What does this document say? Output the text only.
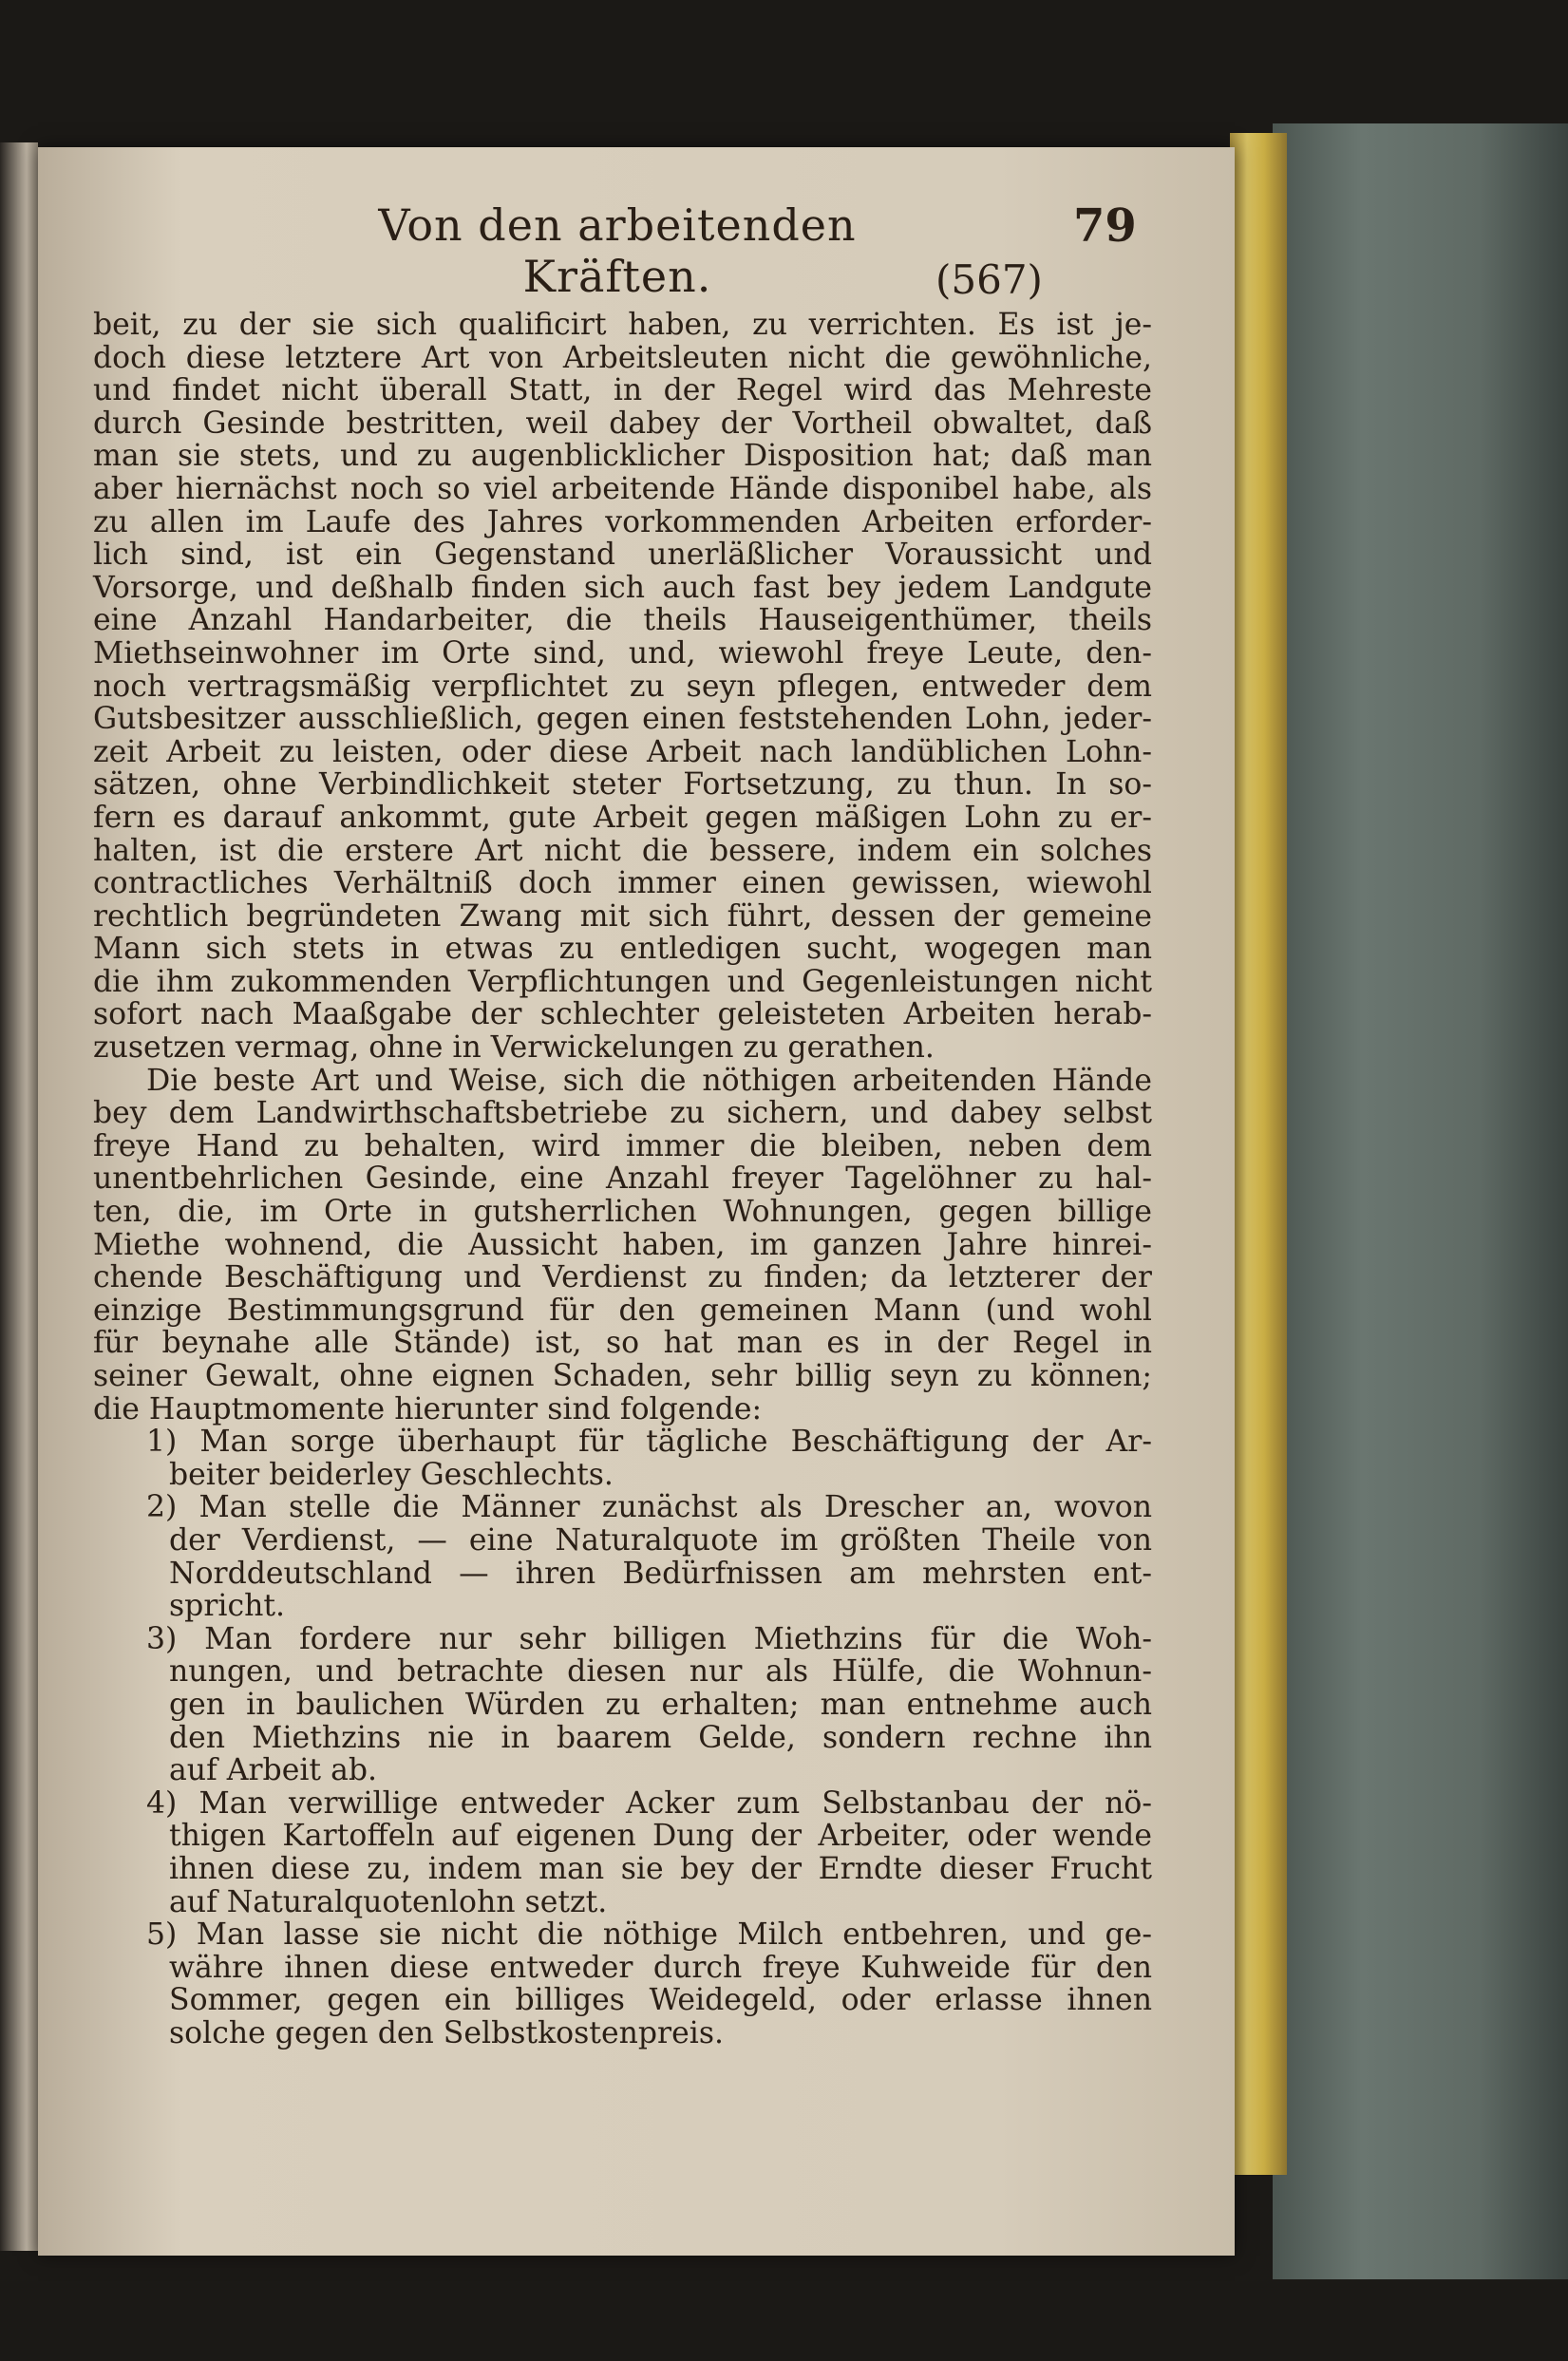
Von den arbeitenden Kräften.
79
(567)
beit, zu der sie sich qualificirt haben, zu verrichten. Es ist je-
doch diese letztere Art von Arbeitsleuten nicht die gewöhnliche,
und findet nicht überall Statt, in der Regel wird das Mehreste
durch Gesinde bestritten, weil dabey der Vortheil obwaltet, daß
man sie stets, und zu augenblicklicher Disposition hat; daß man
aber hiernächst noch so viel arbeitende Hände disponibel habe, als
zu allen im Laufe des Jahres vorkommenden Arbeiten erforder-
lich sind, ist ein Gegenstand unerläßlicher Voraussicht und
Vorsorge, und deßhalb finden sich auch fast bey jedem Landgute
eine Anzahl Handarbeiter, die theils Hauseigenthümer, theils
Miethseinwohner im Orte sind, und, wiewohl freye Leute, den-
noch vertragsmäßig verpflichtet zu seyn pflegen, entweder dem
Gutsbesitzer ausschließlich, gegen einen feststehenden Lohn, jeder-
zeit Arbeit zu leisten, oder diese Arbeit nach landüblichen Lohn-
sätzen, ohne Verbindlichkeit steter Fortsetzung, zu thun. In so-
fern es darauf ankommt, gute Arbeit gegen mäßigen Lohn zu er-
halten, ist die erstere Art nicht die bessere, indem ein solches
contractliches Verhältniß doch immer einen gewissen, wiewohl
rechtlich begründeten Zwang mit sich führt, dessen der gemeine
Mann sich stets in etwas zu entledigen sucht, wogegen man
die ihm zukommenden Verpflichtungen und Gegenleistungen nicht
sofort nach Maaßgabe der schlechter geleisteten Arbeiten herab-
zusetzen vermag, ohne in Verwickelungen zu gerathen.
Die beste Art und Weise, sich die nöthigen arbeitenden Hände
bey dem Landwirthschaftsbetriebe zu sichern, und dabey selbst
freye Hand zu behalten, wird immer die bleiben, neben dem
unentbehrlichen Gesinde, eine Anzahl freyer Tagelöhner zu hal-
ten, die, im Orte in gutsherrlichen Wohnungen, gegen billige
Miethe wohnend, die Aussicht haben, im ganzen Jahre hinrei-
chende Beschäftigung und Verdienst zu finden; da letzterer der
einzige Bestimmungsgrund für den gemeinen Mann (und wohl
für beynahe alle Stände) ist, so hat man es in der Regel in
seiner Gewalt, ohne eignen Schaden, sehr billig seyn zu können;
die Hauptmomente hierunter sind folgende:
1) Man sorge überhaupt für tägliche Beschäftigung der Ar-
beiter beiderley Geschlechts.
2) Man stelle die Männer zunächst als Drescher an, wovon
der Verdienst, — eine Naturalquote im größten Theile von
Norddeutschland — ihren Bedürfnissen am mehrsten ent-
spricht.
3) Man fordere nur sehr billigen Miethzins für die Woh-
nungen, und betrachte diesen nur als Hülfe, die Wohnun-
gen in baulichen Würden zu erhalten; man entnehme auch
den Miethzins nie in baarem Gelde, sondern rechne ihn
auf Arbeit ab.
4) Man verwillige entweder Acker zum Selbstanbau der nö-
thigen Kartoffeln auf eigenen Dung der Arbeiter, oder wende
ihnen diese zu, indem man sie bey der Erndte dieser Frucht
auf Naturalquotenlohn setzt.
5) Man lasse sie nicht die nöthige Milch entbehren, und ge-
währe ihnen diese entweder durch freye Kuhweide für den
Sommer, gegen ein billiges Weidegeld, oder erlasse ihnen
solche gegen den Selbstkostenpreis.
